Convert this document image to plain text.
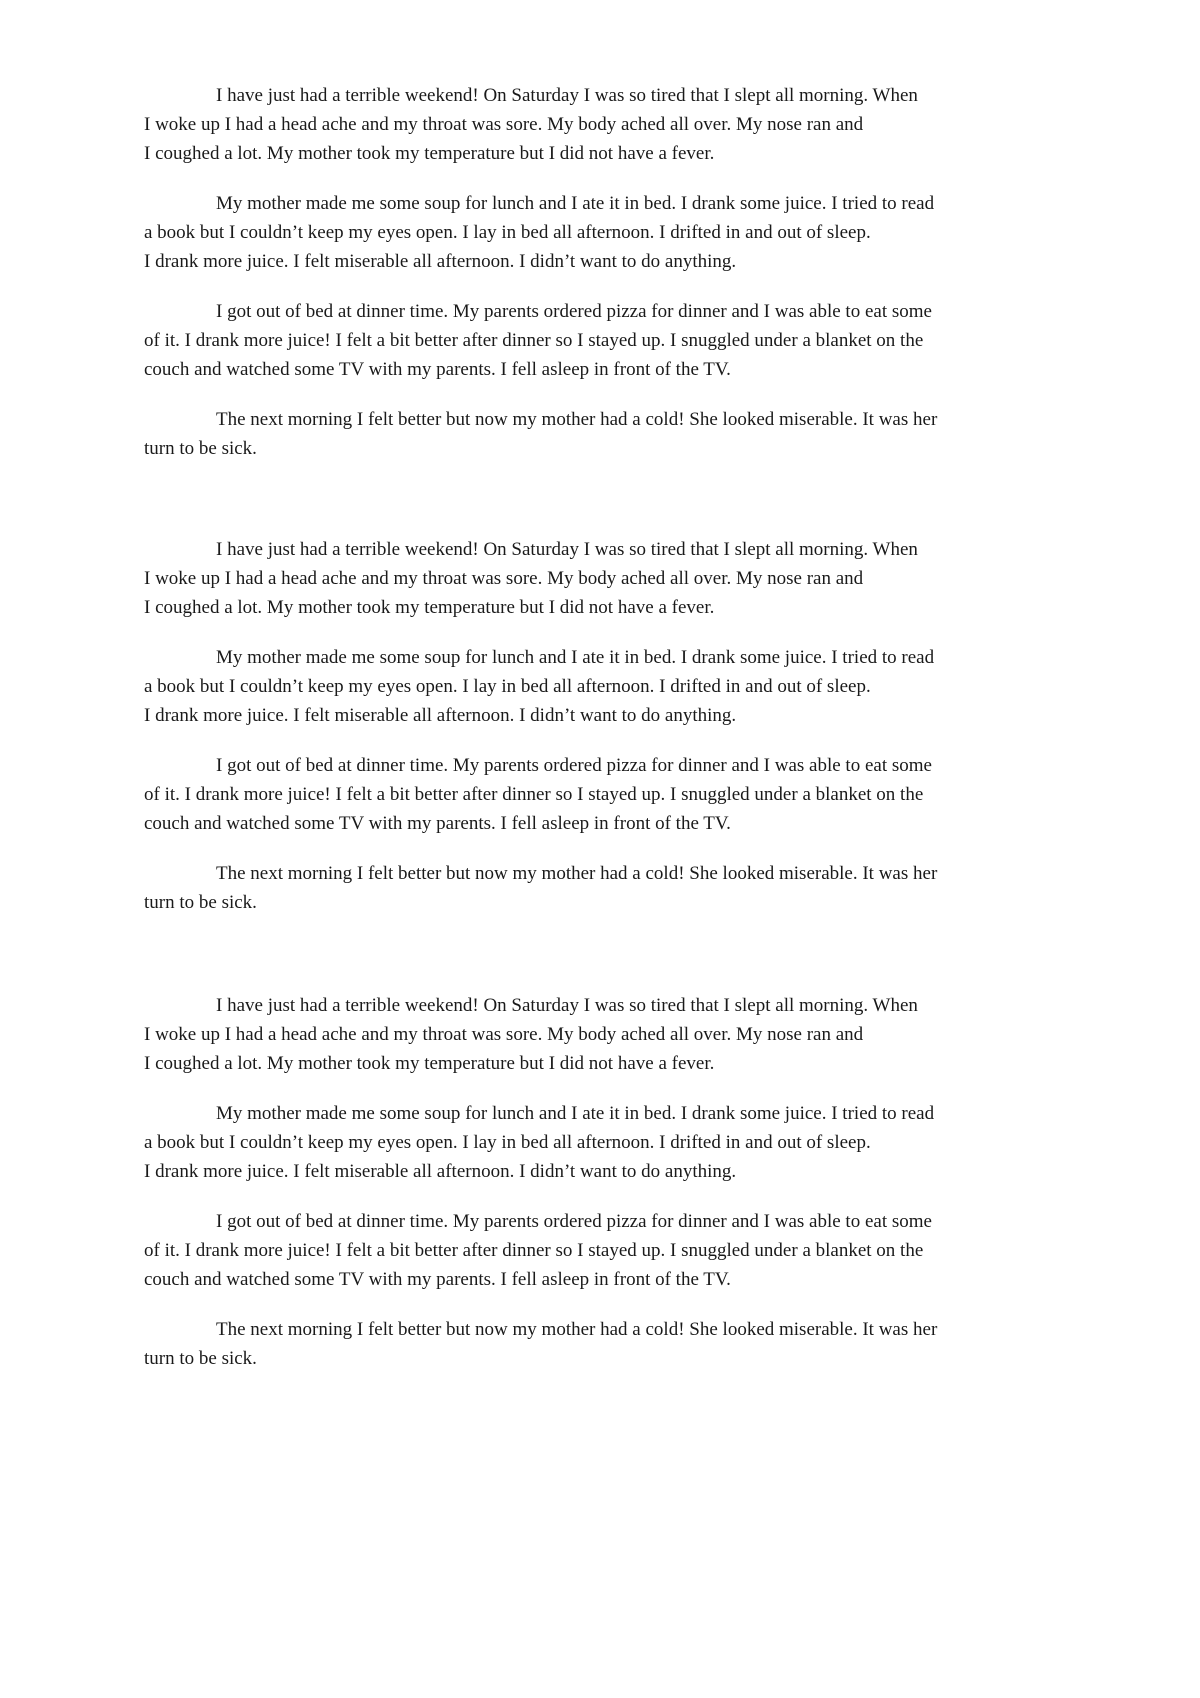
I have just had a terrible weekend! On Saturday I was so tired that I slept all morning. When
I woke up I had a head ache and my throat was sore. My body ached all over. My nose ran and
I coughed a lot. My mother took my temperature but I did not have a fever.
My mother made me some soup for lunch and I ate it in bed. I drank some juice. I tried to read
a book but I couldn’t keep my eyes open. I lay in bed all afternoon. I drifted in and out of sleep.
I drank more juice. I felt miserable all afternoon. I didn’t want to do anything.
I got out of bed at dinner time. My parents ordered pizza for dinner and I was able to eat some
of it. I drank more juice! I felt a bit better after dinner so I stayed up. I snuggled under a blanket on the
couch and watched some TV with my parents. I fell asleep in front of the TV.
The next morning I felt better but now my mother had a cold! She looked miserable. It was her
turn to be sick.
I have just had a terrible weekend! On Saturday I was so tired that I slept all morning. When
I woke up I had a head ache and my throat was sore. My body ached all over. My nose ran and
I coughed a lot. My mother took my temperature but I did not have a fever.
My mother made me some soup for lunch and I ate it in bed. I drank some juice. I tried to read
a book but I couldn’t keep my eyes open. I lay in bed all afternoon. I drifted in and out of sleep.
I drank more juice. I felt miserable all afternoon. I didn’t want to do anything.
I got out of bed at dinner time. My parents ordered pizza for dinner and I was able to eat some
of it. I drank more juice! I felt a bit better after dinner so I stayed up. I snuggled under a blanket on the
couch and watched some TV with my parents. I fell asleep in front of the TV.
The next morning I felt better but now my mother had a cold! She looked miserable. It was her
turn to be sick.
I have just had a terrible weekend! On Saturday I was so tired that I slept all morning. When
I woke up I had a head ache and my throat was sore. My body ached all over. My nose ran and
I coughed a lot. My mother took my temperature but I did not have a fever.
My mother made me some soup for lunch and I ate it in bed. I drank some juice. I tried to read
a book but I couldn’t keep my eyes open. I lay in bed all afternoon. I drifted in and out of sleep.
I drank more juice. I felt miserable all afternoon. I didn’t want to do anything.
I got out of bed at dinner time. My parents ordered pizza for dinner and I was able to eat some
of it. I drank more juice! I felt a bit better after dinner so I stayed up. I snuggled under a blanket on the
couch and watched some TV with my parents. I fell asleep in front of the TV.
The next morning I felt better but now my mother had a cold! She looked miserable. It was her
turn to be sick.
